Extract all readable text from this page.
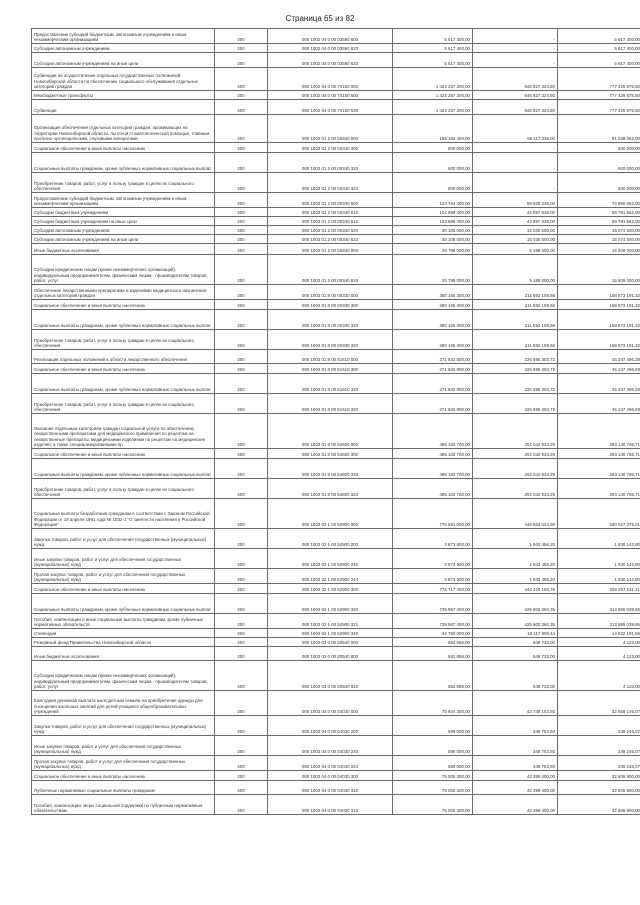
Страница 65 из 82
Предоставление субсидий бюджетным, автономным учреждениям и иным некоммерческим организациям	200	000 1002 04 0 00 03590 600	5 617 400,00	-	5 617 400,00
Субсидии автономным учреждениям	200	000 1002 04 0 00 03590 620	5 617 400,00	-	5 617 400,00
Субсидии автономным учреждениям на иные цели	200	000 1002 04 0 00 03590 622	5 617 400,00	-	5 617 400,00
Субвенции на осуществление отдельных государственных полномочий Новосибирской области по обеспечению социального обслуживания отдельных категорий граждан	200	000 1002 04 0 00 70160 000	1 424 257 200,00	646 827 324,50	777 429 875,50
Межбюджетные трансферты	200	000 1002 04 0 00 70160 500	1 424 257 200,00	646 827 324,50	777 429 875,50
Субвенции	200	000 1002 04 0 00 70160 530	1 424 257 200,00	646 827 324,50	777 429 875,50
Организация обеспечения отдельных категорий граждан, проживающих на территории Новосибирской области, льготной стоматологической помощью, главным протезно-ортопедическим, слуховыми аппаратами	200	000 1003 01 2 00 00340 000	156 162 400,00	65 117 338,00	91 039 062,00
Социальное обеспечение и иные выплаты населению	200	000 1003 01 2 00 00340 300	600 000,00	-	600 000,00
Социальные выплаты гражданам, кроме публичных нормативных социальных выплат	200	000 1003 01 2 00 00340 320	600 000,00	-	600 000,00
Приобретение товаров, работ, услуг в пользу граждан в целях их социального обеспечения	200	000 1003 01 2 00 00340 323	600 000,00	-	600 000,00
Предоставление субсидий бюджетным, автономным учреждениям и иным некоммерческим организациям	200	000 1003 01 2 00 00340 600	134 764 400,00	59 928 338,00	74 866 062,00
Субсидии бюджетным учреждениям	200	000 1003 01 2 00 00340 610	104 689 400,00	44 897 838,00	59 791 562,00
Субсидии бюджетным учреждениям на иные цели	200	000 1003 01 2 00 00340 612	104 689 400,00	44 897 838,00	59 791 562,00
Субсидии автономным учреждениям	200	000 1003 01 2 00 00340 620	30 105 000,00	15 030 500,00	15 074 500,00
Субсидии автономным учреждениям на иные цели	200	000 1003 01 2 00 00340 622	30 105 000,00	15 030 500,00	15 074 500,00
Иные бюджетные ассигнования	200	000 1003 01 2 00 00340 800	20 798 000,00	5 189 000,00	15 609 000,00
Субсидии юридическим лицам (кроме некоммерческих организаций), индивидуальным предпринимателям, физическим лицам - производителям товаров, работ, услуг	200	000 1003 01 2 00 00340 810	20 798 000,00	5 189 000,00	15 609 000,00
Обеспечение лекарственными препаратами и изделиями медицинского назначения отдельных категорий граждан	200	000 1003 01 8 00 00330 000	380 165 300,00	211 592 108,68	168 573 191,32
Социальное обеспечение и иные выплаты населению	200	000 1003 01 8 00 00330 300	380 165 300,00	211 592 108,68	168 573 191,32
Социальные выплаты гражданам, кроме публичных нормативных социальных выплат	200	000 1003 01 8 00 00330 320	380 165 300,00	211 592 108,68	168 573 191,32
Приобретение товаров, работ, услуг в пользу граждан в целях их социального обеспечения	200	000 1003 01 8 00 00330 323	380 165 300,00	211 592 108,68	168 573 191,32
Реализация отдельных положений в области лекарственного обеспечения	200	000 1003 01 8 00 51610 000	271 842 800,00	226 595 303,72	45 247 496,28
Социальное обеспечение и иные выплаты населению	200	000 1003 01 8 00 51610 300	271 842 800,00	226 595 303,72	45 247 496,28
Социальные выплаты гражданам, кроме публичных нормативных социальных выплат	200	000 1003 01 8 00 51610 320	271 842 800,00	226 595 303,72	45 247 496,28
Приобретение товаров, работ, услуг в пользу граждан в целях их социального обеспечения	200	000 1003 01 8 00 51610 323	271 842 800,00	226 595 303,72	45 247 496,28
Оказание отдельным категориям граждан социальной услуги по обеспечению лекарственными препаратами для медицинского применения по рецептам на лекарственные препараты, медицинскими изделиями по рецептам на медицинские изделия, а также специализированными пр	200	000 1003 01 8 00 54600 000	495 183 700,00	202 042 933,29	293 140 766,71
Социальное обеспечение и иные выплаты населению	200	000 1003 01 8 00 54600 300	495 183 700,00	202 042 933,29	293 140 766,71
Социальные выплаты гражданам, кроме публичных нормативных социальных выплат	200	000 1003 01 8 00 54600 320	495 183 700,00	202 042 933,29	293 140 766,71
Приобретение товаров, работ, услуг в пользу граждан в целях их социального обеспечения	200	000 1003 01 8 00 54600 323	495 183 700,00	202 042 933,29	293 140 766,71
Социальные выплаты безработным гражданам в соответствии с Законом Российской Федерации от 19 апреля 1991 года № 1032-1 "О занятости населения в Российской Федерации"	200	000 1003 02 1 00 52900 000	776 591 000,00	446 563 624,99	330 027 375,01
Закупка товаров, работ и услуг для обеспечения государственных (муниципальных) нужд	200	000 1003 02 1 00 52900 200	3 873 600,00	1 943 456,20	1 930 143,80
Иные закупки товаров, работ и услуг для обеспечения государственных (муниципальных) нужд	200	000 1003 02 1 00 52900 240	3 873 600,00	1 943 456,20	1 930 143,80
Прочая закупка товаров, работ и услуг для обеспечения государственных (муниципальных) нужд	200	000 1003 02 1 00 52900 244	3 873 600,00	1 943 456,20	1 930 143,80
Социальное обеспечение и иные выплаты населению	200	000 1003 02 1 00 52900 300	772 717 400,00	444 420 168,79	328 297 231,21
Социальные выплаты гражданам, кроме публичных нормативных социальных выплат	200	000 1003 02 1 00 52900 320	739 967 400,00	425 902 360,35	313 865 039,65
Пособия, компенсации и иные социальные выплаты гражданам, кроме публичных нормативных обязательств	200	000 1003 02 1 00 52900 321	739 967 400,00	425 902 360,35	313 865 039,65
Стипендии	200	000 1003 02 1 00 52900 340	32 750 000,00	18 117 808,44	14 632 191,56
Резервный фонд Правительства Новосибирской области	200	000 1003 03 0 00 20540 000	652 856,00	648 733,00	4 123,00
Иные бюджетные ассигнования	200	000 1003 03 0 00 20540 800	652 856,00	648 733,00	4 123,00
Субсидии юридическим лицам (кроме некоммерческих организаций), индивидуальным предпринимателям, физическим лицам - производителям товаров, работ, услуг	200	000 1003 03 0 00 20540 810	652 856,00	648 733,00	4 123,00
Ежегодная денежная выплата многодетным семьям на приобретение одежды для посещения школьных занятий для детей-учащихся общеобразовательных учреждений	200	000 1003 04 0 00 04030 000	75 604 300,00	42 749 153,93	32 855 146,07
Закупка товаров, работ и услуг для обеспечения государственных (муниципальных) нужд	200	000 1003 04 0 00 04030 200	599 000,00	349 753,93	249 246,07
Иные закупки товаров, работ и услуг для обеспечения государственных (муниципальных) нужд	200	000 1003 04 0 00 04030 240	599 000,00	349 753,93	249 246,07
Прочая закупка товаров, работ и услуг для обеспечения государственных (муниципальных) нужд	200	000 1003 04 0 00 04030 244	599 000,00	349 753,93	249 246,07
Социальное обеспечение и иные выплаты населению	200	000 1003 04 0 00 04030 300	75 005 300,00	42 399 400,00	32 605 900,00
Публичные нормативные социальные выплаты гражданам	200	000 1003 04 0 00 04030 310	75 005 300,00	42 399 400,00	32 605 900,00
Пособия, компенсации, меры социальной поддержки по публичным нормативным обязательствам	200	000 1003 04 0 00 04030 313	75 005 300,00	42 399 400,00	32 605 900,00
